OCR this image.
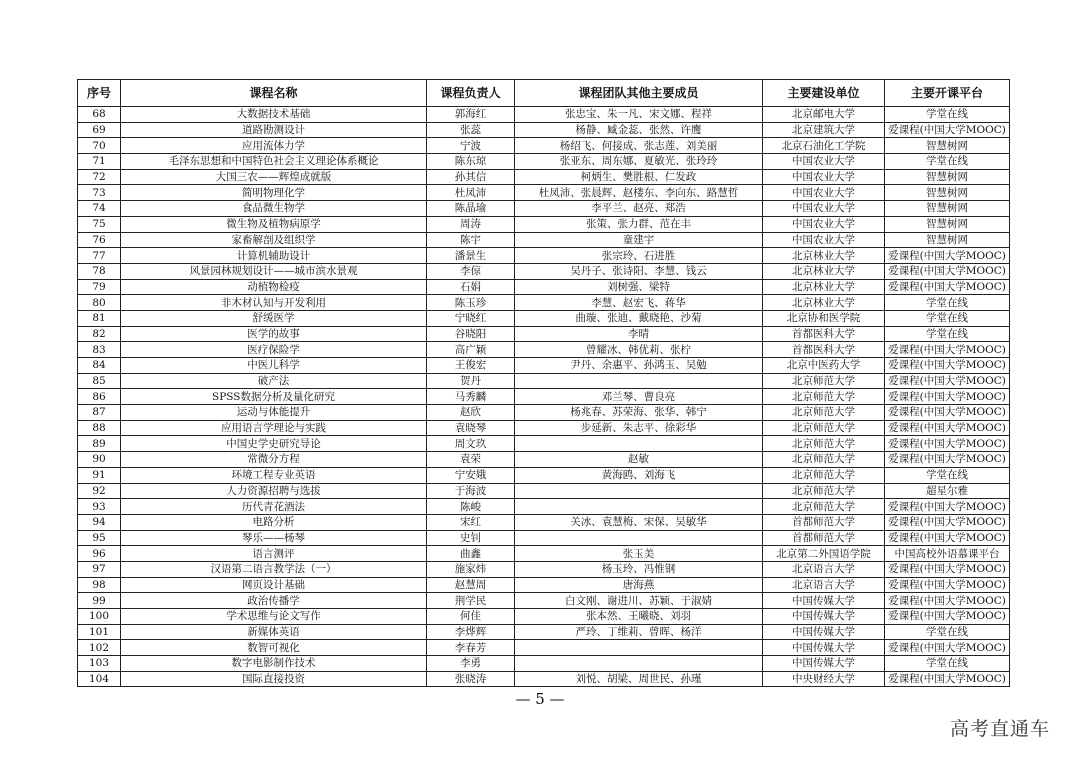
序号	课程名称	课程负责人	课程团队其他主要成员	主要建设单位	主要开课平台
68	大数据技术基础	郭海红	张忠宝、朱一凡、宋文娜、程祥	北京邮电大学	学堂在线
69	道路勘测设计	张蕊	杨静、臧金蕊、张然、许鹰	北京建筑大学	爱课程(中国大学MOOC)
70	应用流体力学	宁波	杨绍飞、何接成、张志莲、刘美丽	北京石油化工学院	智慧树网
71	毛泽东思想和中国特色社会主义理论体系概论	陈东琼	张亚东、周东娜、夏敏光、张玲玲	中国农业大学	学堂在线
72	大国三农——辉煌成就版	孙其信	柯炳生、樊胜根、仁发政	中国农业大学	智慧树网
73	简明物理化学	杜凤沛	杜凤沛、张晨辉、赵楼东、李向东、路慧哲	中国农业大学	智慧树网
74	食品微生物学	陈晶瑜	李平兰、赵亮、郑浩	中国农业大学	智慧树网
75	微生物及植物病原学	周涛	张策、张力群、范在丰	中国农业大学	智慧树网
76	家畜解剖及组织学	陈宇	童建宇	中国农业大学	智慧树网
77	计算机辅助设计	潘景生	张宗玲、石进胜	北京林业大学	爱课程(中国大学MOOC)
78	风景园林规划设计——城市滨水景观	李倞	吴丹子、张诗阳、李慧、钱云	北京林业大学	爱课程(中国大学MOOC)
79	动植物检疫	石娟	刘树强、梁特	北京林业大学	爱课程(中国大学MOOC)
80	非木材认知与开发利用	陈玉珍	李慧、赵宏飞、蒋华	北京林业大学	学堂在线
81	舒缓医学	宁晓红	曲璇、张迪、戴晓艳、沙菊	北京协和医学院	学堂在线
82	医学的故事	谷晓阳	李晴	首都医科大学	学堂在线
83	医疗保险学	高广颖	曾耀冰、韩优莉、张柠	首都医科大学	爱课程(中国大学MOOC)
84	中医儿科学	王俊宏	尹丹、余惠平、孙鸿玉、吴勉	北京中医药大学	爱课程(中国大学MOOC)
85	破产法	贺丹		北京师范大学	爱课程(中国大学MOOC)
86	SPSS数据分析及量化研究	马秀麟	邓兰琴、曹良亮	北京师范大学	爱课程(中国大学MOOC)
87	运动与体能提升	赵欣	杨兆春、苏荣海、张华、韩宁	北京师范大学	爱课程(中国大学MOOC)
88	应用语言学理论与实践	袁晓琴	步延新、朱志平、徐彩华	北京师范大学	爱课程(中国大学MOOC)
89	中国史学史研究导论	周文玖		北京师范大学	爱课程(中国大学MOOC)
90	常微分方程	袁荣	赵敏	北京师范大学	爱课程(中国大学MOOC)
91	环境工程专业英语	宁安娥	黄海鸥、刘海飞	北京师范大学	学堂在线
92	人力资源招聘与选拔	于海波		北京师范大学	超星尔雅
93	历代青花酒法	陈峻		北京师范大学	爱课程(中国大学MOOC)
94	电路分析	宋红	关冰、袁慧梅、宋保、吴敏华	首都师范大学	爱课程(中国大学MOOC)
95	琴乐——杨琴	史钊		首都师范大学	爱课程(中国大学MOOC)
96	语言测评	曲鑫	张玉美	北京第二外国语学院	中国高校外语慕课平台
97	汉语第二语言教学法（一）	施家炜	杨玉玲、冯惟钢	北京语言大学	爱课程(中国大学MOOC)
98	网页设计基础	赵慧周	唐海燕	北京语言大学	爱课程(中国大学MOOC)
99	政治传播学	荆学民	白文刚、谢进川、苏颖、于淑婧	中国传媒大学	爱课程(中国大学MOOC)
100	学术思维与论文写作	何佳	张本然、王曦晓、刘羽	中国传媒大学	爱课程(中国大学MOOC)
101	新媒体英语	李烨辉	严玲、丁维莉、曾晖、杨洋	中国传媒大学	学堂在线
102	数智可视化	李春芳		中国传媒大学	爱课程(中国大学MOOC)
103	数字电影制作技术	李勇		中国传媒大学	学堂在线
104	国际直接投资	张晓涛	刘悦、胡梁、周世民、孙瑾	中央财经大学	爱课程(中国大学MOOC)
— 5 —
高考直通车
